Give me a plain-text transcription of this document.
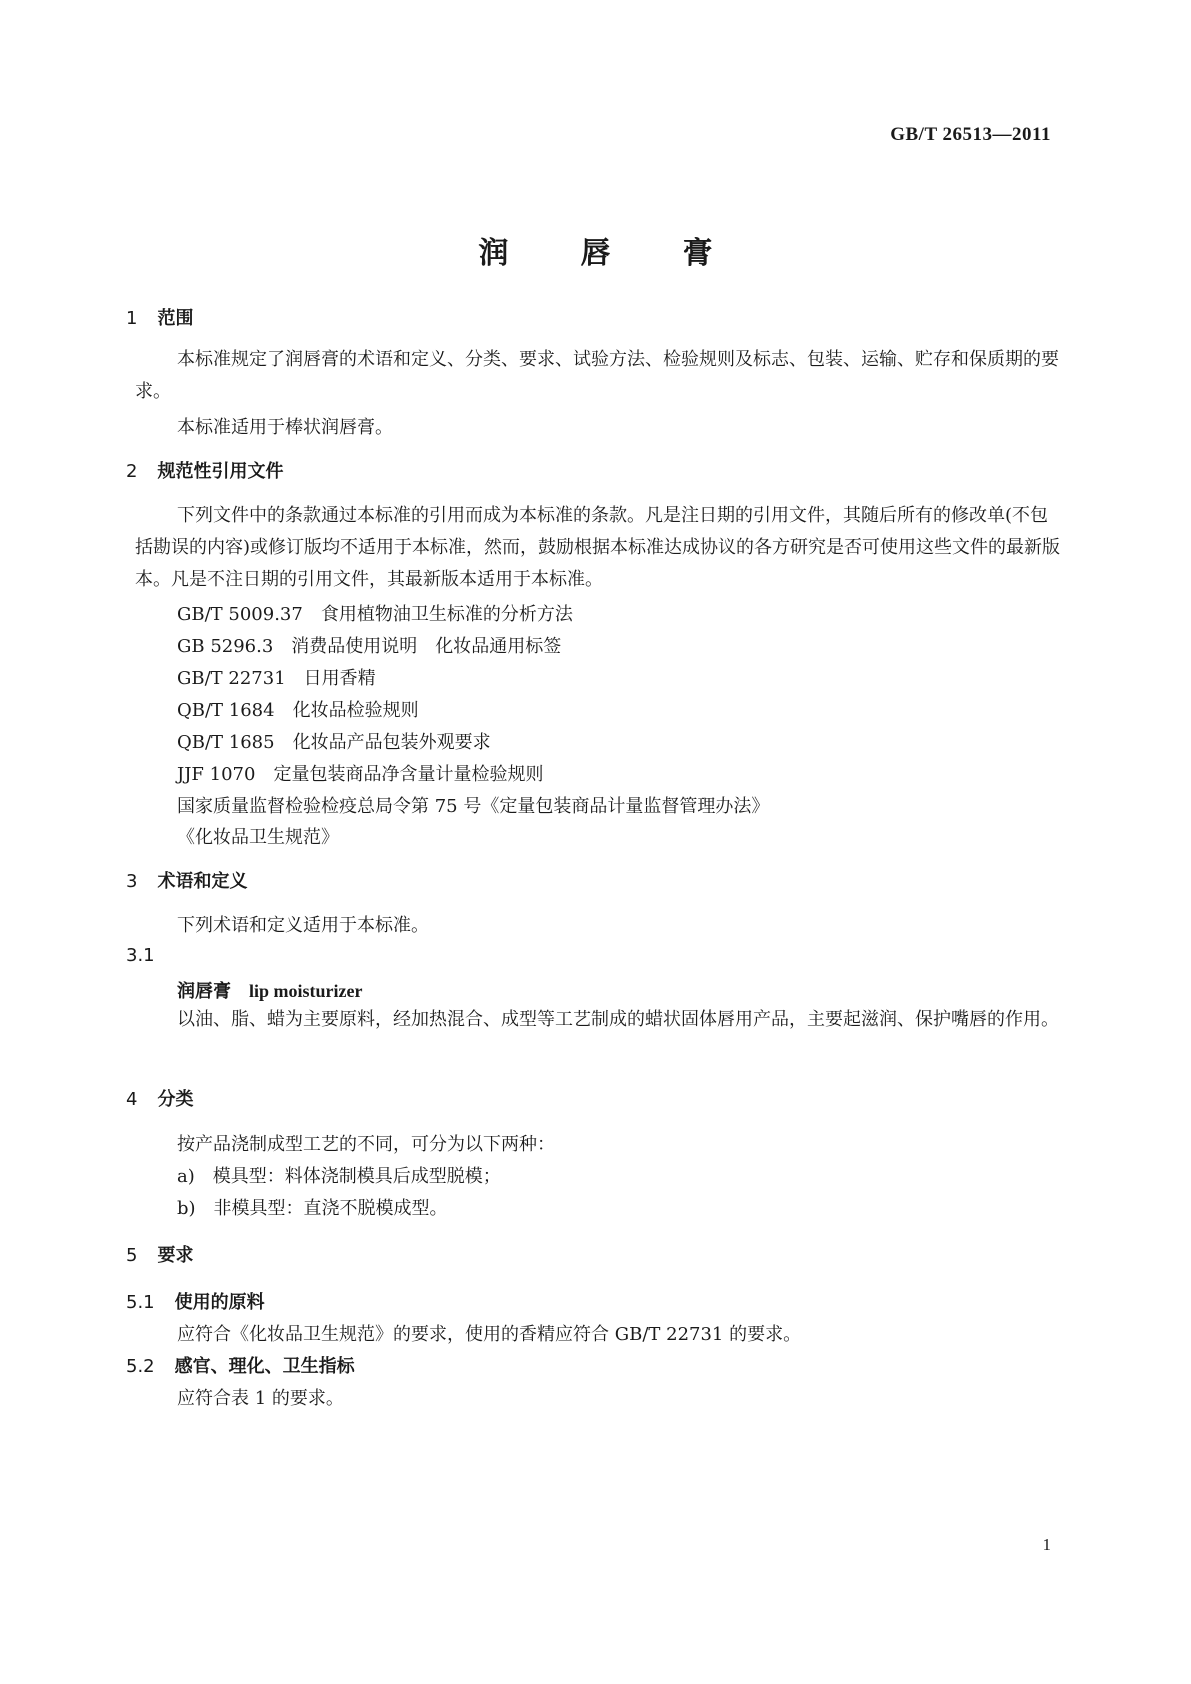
GB/T 26513—2011
润 唇 膏
1 范围
本标准规定了润唇膏的术语和定义、分类、要求、试验方法、检验规则及标志、包装、运输、贮存和保质期的要求。
本标准适用于棒状润唇膏。
2 规范性引用文件
下列文件中的条款通过本标准的引用而成为本标准的条款。凡是注日期的引用文件，其随后所有的修改单(不包括勘误的内容)或修订版均不适用于本标准，然而，鼓励根据本标准达成协议的各方研究是否可使用这些文件的最新版本。凡是不注日期的引用文件，其最新版本适用于本标准。
GB/T 5009.37　食用植物油卫生标准的分析方法
GB 5296.3　消费品使用说明　化妆品通用标签
GB/T 22731　日用香精
QB/T 1684　化妆品检验规则
QB/T 1685　化妆品产品包装外观要求
JJF 1070　定量包装商品净含量计量检验规则
国家质量监督检验检疫总局令第 75 号《定量包装商品计量监督管理办法》
《化妆品卫生规范》
3 术语和定义
下列术语和定义适用于本标准。
3.1
润唇膏 lip moisturizer
以油、脂、蜡为主要原料，经加热混合、成型等工艺制成的蜡状固体唇用产品，主要起滋润、保护嘴唇的作用。
4 分类
按产品浇制成型工艺的不同，可分为以下两种：
a)　模具型：料体浇制模具后成型脱模；
b)　非模具型：直浇不脱模成型。
5 要求
5.1 使用的原料
应符合《化妆品卫生规范》的要求，使用的香精应符合 GB/T 22731 的要求。
5.2 感官、理化、卫生指标
应符合表 1 的要求。
1
